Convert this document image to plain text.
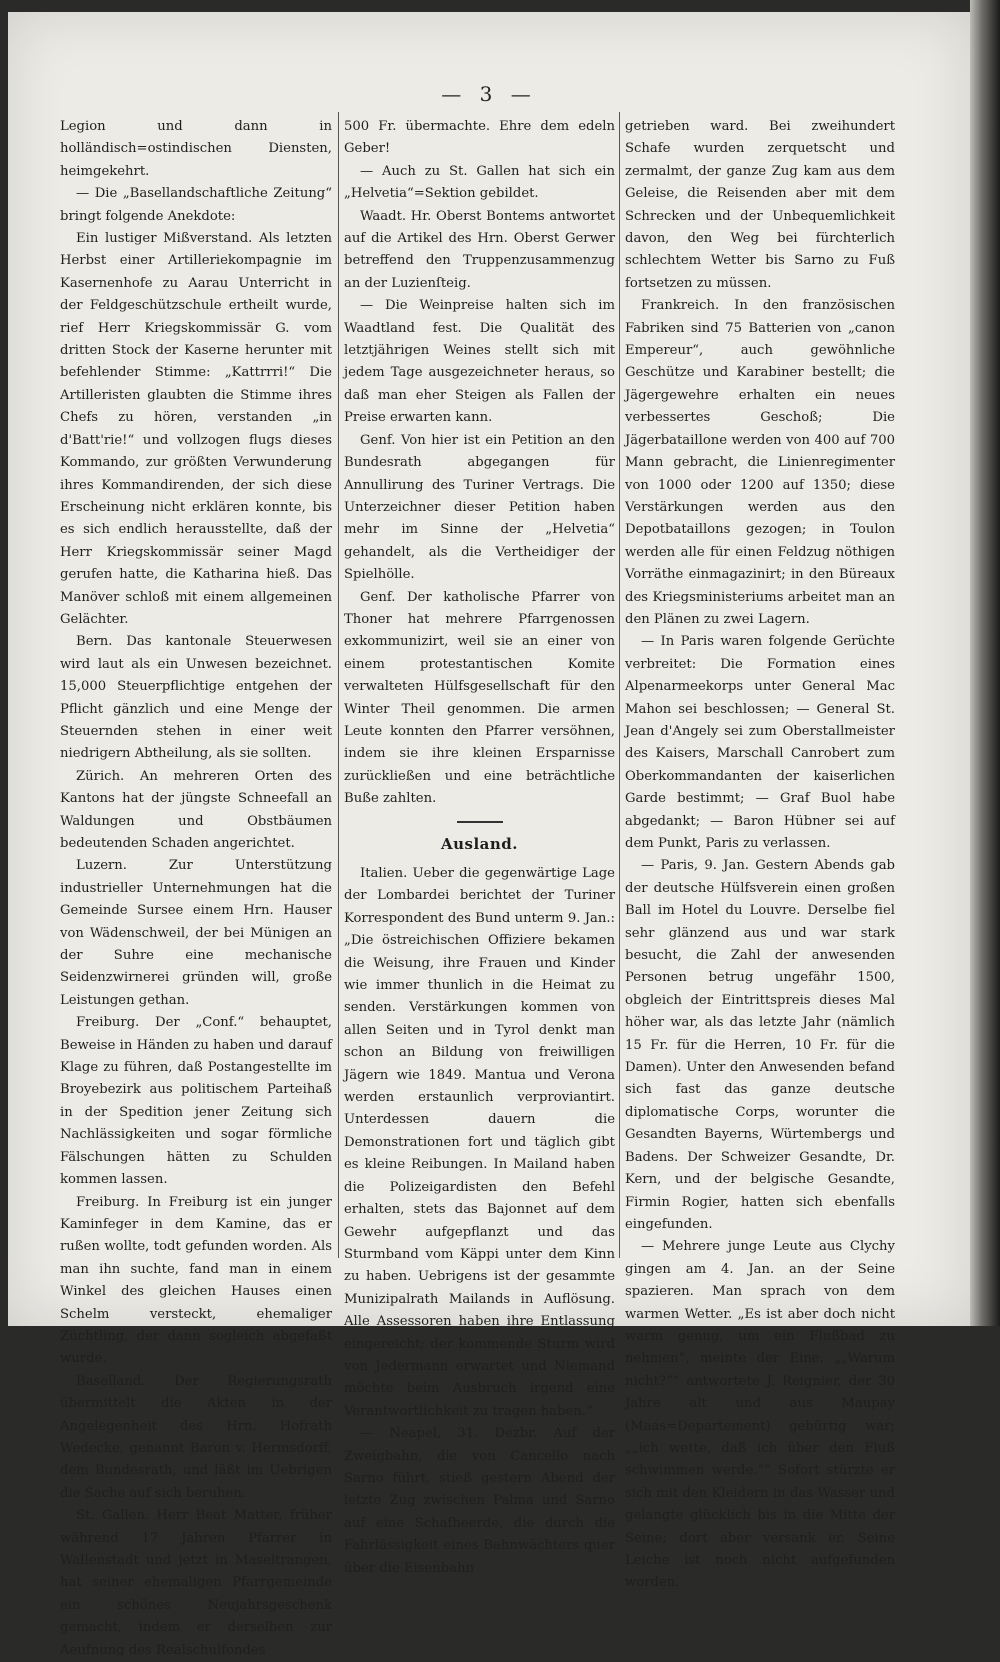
— 3 —

Legion und dann in holländisch=ostindischen Diensten, heimgekehrt.

— Die „Basellandschaftliche Zeitung“ bringt folgende Anekdote:

Ein lustiger Mißverstand. Als letzten Herbst einer Artilleriekompagnie im Kasernenhofe zu Aarau Unterricht in der Feldgeschützschule ertheilt wurde, rief Herr Kriegskommissär G. vom dritten Stock der Kaserne herunter mit befehlender Stimme: „Kattrrri!“ Die Artilleristen glaubten die Stimme ihres Chefs zu hören, verstanden „in d'Batt'rie!“ und vollzogen flugs dieses Kommando, zur größten Verwunderung ihres Kommandirenden, der sich diese Erscheinung nicht erklären konnte, bis es sich endlich herausstellte, daß der Herr Kriegskommissär seiner Magd gerufen hatte, die Katharina hieß. Das Manöver schloß mit einem allgemeinen Gelächter.

Bern. Das kantonale Steuerwesen wird laut als ein Unwesen bezeichnet. 15,000 Steuerpflichtige entgehen der Pflicht gänzlich und eine Menge der Steuernden stehen in einer weit niedrigern Abtheilung, als sie sollten.

Zürich. An mehreren Orten des Kantons hat der jüngste Schneefall an Waldungen und Obstbäumen bedeutenden Schaden angerichtet.

Luzern. Zur Unterstützung industrieller Unternehmungen hat die Gemeinde Sursee einem Hrn. Hauser von Wädenschweil, der bei Münigen an der Suhre eine mechanische Seidenzwirnerei gründen will, große Leistungen gethan.

Freiburg. Der „Conf.“ behauptet, Beweise in Händen zu haben und darauf Klage zu führen, daß Postangestellte im Broyebezirk aus politischem Parteihaß in der Spedition jener Zeitung sich Nachlässigkeiten und sogar förmliche Fälschungen hätten zu Schulden kommen lassen.

Freiburg. In Freiburg ist ein junger Kaminfeger in dem Kamine, das er rußen wollte, todt gefunden worden. Als man ihn suchte, fand man in einem Winkel des gleichen Hauses einen Schelm versteckt, ehemaliger Züchtling, der dann sogleich abgefaßt wurde.

Baselland. Der Regierungsrath übermittelt die Akten in der Angelegenheit des Hrn. Hofrath Wedecke, genannt Baron v. Hermsdorff, dem Bundesrath, und läßt im Uebrigen die Sache auf sich beruhen.

St. Gallen. Herr Beat Matter, früher während 17 Jahren Pfarrer in Wallenstadt und jetzt in Maseltrangen, hat seiner ehemaligen Pfarrgemeinde ein schönes Neujahrsgeschenk gemacht, indem er derselben zur Aeufnung des Realschulfondes

500 Fr. übermachte. Ehre dem edeln Geber!

— Auch zu St. Gallen hat sich ein „Helvetia“=Sektion gebildet.

Waadt. Hr. Oberst Bontems antwortet auf die Artikel des Hrn. Oberst Gerwer betreffend den Truppenzusammenzug an der Luzienſteig.

— Die Weinpreise halten sich im Waadtland fest. Die Qualität des letztjährigen Weines stellt sich mit jedem Tage ausgezeichneter heraus, so daß man eher Steigen als Fallen der Preise erwarten kann.

Genf. Von hier ist ein Petition an den Bundesrath abgegangen für Annullirung des Turiner Vertrags. Die Unterzeichner dieser Petition haben mehr im Sinne der „Helvetia“ gehandelt, als die Vertheidiger der Spielhölle.

Genf. Der katholische Pfarrer von Thoner hat mehrere Pfarrgenossen exkommunizirt, weil sie an einer von einem protestantischen Komite verwalteten Hülfsgesellschaft für den Winter Theil genommen. Die armen Leute konnten den Pfarrer versöhnen, indem sie ihre kleinen Ersparnisse zurückließen und eine beträchtliche Buße zahlten.

Ausland.

Italien. Ueber die gegenwärtige Lage der Lombardei berichtet der Turiner Korrespondent des Bund unterm 9. Jan.: „Die östreichischen Offiziere bekamen die Weisung, ihre Frauen und Kinder wie immer thunlich in die Heimat zu senden. Verstärkungen kommen von allen Seiten und in Tyrol denkt man schon an Bildung von freiwilligen Jägern wie 1849. Mantua und Verona werden erstaunlich verproviantirt. Unterdessen dauern die Demonstrationen fort und täglich gibt es kleine Reibungen. In Mailand haben die Polizeigardisten den Befehl erhalten, stets das Bajonnet auf dem Gewehr aufgepflanzt und das Sturmband vom Käppi unter dem Kinn zu haben. Uebrigens ist der gesammte Munizipalrath Mailands in Auflösung. Alle Assessoren haben ihre Entlassung eingereicht; der kommende Sturm wird von Jedermann erwartet und Niemand möchte beim Ausbruch irgend eine Verantwortlichkeit zu tragen haben.“

— Neapel, 31. Dezbr. Auf der Zweigbahn, die von Cancello nach Sarno führt, stieß gestern Abend der letzte Zug zwischen Palma und Sarno auf eine Schafheerde, die durch die Fahrlässigkeit eines Bahnwächters quer über die Eisenbahn

getrieben ward. Bei zweihundert Schafe wurden zerquetscht und zermalmt, der ganze Zug kam aus dem Geleise, die Reisenden aber mit dem Schrecken und der Unbequemlichkeit davon, den Weg bei fürchterlich schlechtem Wetter bis Sarno zu Fuß fortsetzen zu müssen.

Frankreich. In den französischen Fabriken sind 75 Batterien von „canon Empereur“, auch gewöhnliche Geschütze und Karabiner bestellt; die Jägergewehre erhalten ein neues verbessertes Geschoß; Die Jägerbataillone werden von 400 auf 700 Mann gebracht, die Linienregimenter von 1000 oder 1200 auf 1350; diese Verstärkungen werden aus den Depotbataillons gezogen; in Toulon werden alle für einen Feldzug nöthigen Vorräthe einmagazinirt; in den Büreaux des Kriegsministeriums arbeitet man an den Plänen zu zwei Lagern.

— In Paris waren folgende Gerüchte verbreitet: Die Formation eines Alpenarmeekorps unter General Mac Mahon sei beschlossen; — General St. Jean d'Angely sei zum Oberstallmeister des Kaisers, Marschall Canrobert zum Oberkommandanten der kaiserlichen Garde bestimmt; — Graf Buol habe abgedankt; — Baron Hübner sei auf dem Punkt, Paris zu verlassen.

— Paris, 9. Jan. Gestern Abends gab der deutsche Hülfsverein einen großen Ball im Hotel du Louvre. Derselbe fiel sehr glänzend aus und war stark besucht, die Zahl der anwesenden Personen betrug ungefähr 1500, obgleich der Eintrittspreis dieses Mal höher war, als das letzte Jahr (nämlich 15 Fr. für die Herren, 10 Fr. für die Damen). Unter den Anwesenden befand sich fast das ganze deutsche diplomatische Corps, worunter die Gesandten Bayerns, Würtembergs und Badens. Der Schweizer Gesandte, Dr. Kern, und der belgische Gesandte, Firmin Rogier, hatten sich ebenfalls eingefunden.

— Mehrere junge Leute aus Clychy gingen am 4. Jan. an der Seine spazieren. Man sprach von dem warmen Wetter. „Es ist aber doch nicht warm genug, um ein Flußbad zu nehmen“, meinte der Eine. „„Warum nicht?““ antwortete J. Reignier, der 30 Jahre alt und aus Maupay (Maas=Departement) gebürtig war; „„ich wette, daß ich über den Fluß schwimmen werde.““ Sofort stürzte er sich mit den Kleidern in das Wasser und gelangte glücklich bis in die Mitte der Seine; dort aber versank er. Seine Leiche ist noch nicht aufgefunden worden.
